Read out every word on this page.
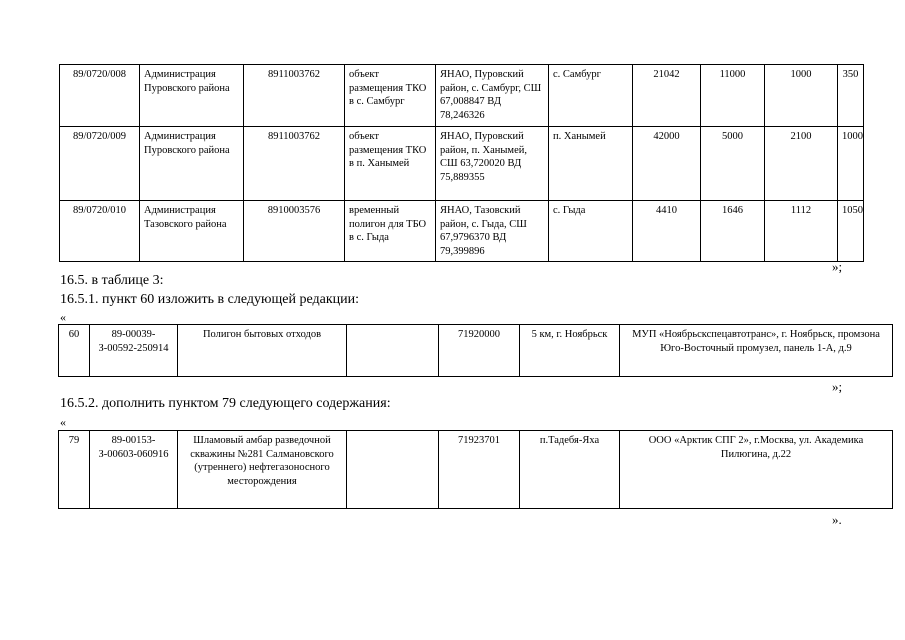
89/0720/008	Администрация Пуровского района	8911003762	объект размещения ТКО в с. Самбург	ЯНАО, Пуровский район, с. Самбург, СШ 67,008847 ВД 78,246326	с. Самбург	21042	11000	1000	350
89/0720/009	Администрация Пуровского района	8911003762	объект размещения ТКО в п. Ханымей	ЯНАО, Пуровский район, п. Ханымей, СШ 63,720020 ВД 75,889355	п. Ханымей	42000	5000	2100	1000
89/0720/010	Администрация Тазовского района	8910003576	временный полигон для ТБО в с. Гыда	ЯНАО, Тазовский район, с. Гыда, СШ 67,9796370 ВД 79,399896	с. Гыда	4410	1646	1112	1050
»;
16.5. в таблице 3:
16.5.1. пункт 60 изложить в следующей редакции:
«
60	89-00039-З-00592-250914	Полигон бытовых отходов		71920000	5 км, г. Ноябрьск	МУП «Ноябрьскспецавтотранс», г. Ноябрьск, промзона Юго-Восточный промузел, панель 1-А, д.9
»;
16.5.2. дополнить пунктом 79 следующего содержания:
«
79	89-00153-З-00603-060916	Шламовый амбар разведочной скважины №281 Салмановского (утреннего) нефтегазоносного месторождения		71923701	п.Тадебя-Яха	ООО «Арктик СПГ 2», г.Москва, ул. Академика Пилюгина, д.22
».
